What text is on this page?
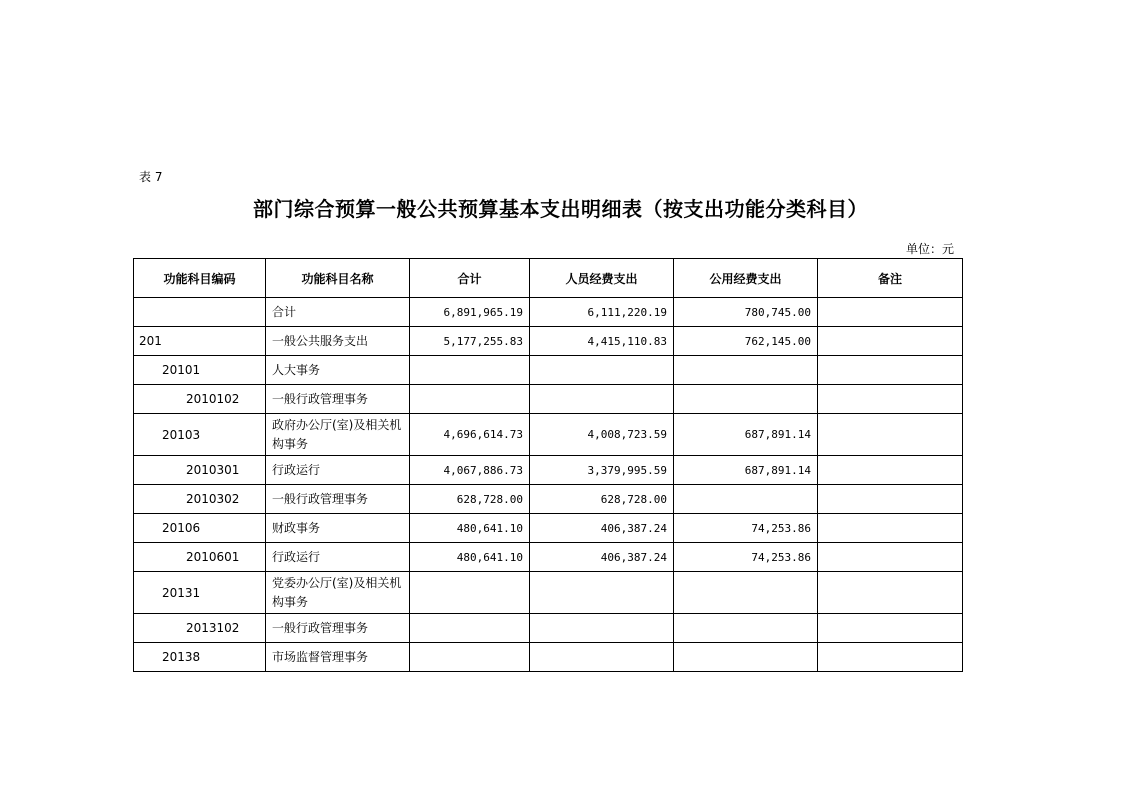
表 7
部门综合预算一般公共预算基本支出明细表（按支出功能分类科目）
单位：元
功能科目编码	功能科目名称	合计	人员经费支出	公用经费支出	备注
	合计	6,891,965.19	6,111,220.19	780,745.00	
201	一般公共服务支出	5,177,255.83	4,415,110.83	762,145.00	
20101	人大事务				
2010102	一般行政管理事务				
20103	政府办公厅(室)及相关机构事务	4,696,614.73	4,008,723.59	687,891.14	
2010301	行政运行	4,067,886.73	3,379,995.59	687,891.14	
2010302	一般行政管理事务	628,728.00	628,728.00		
20106	财政事务	480,641.10	406,387.24	74,253.86	
2010601	行政运行	480,641.10	406,387.24	74,253.86	
20131	党委办公厅(室)及相关机构事务				
2013102	一般行政管理事务				
20138	市场监督管理事务				
